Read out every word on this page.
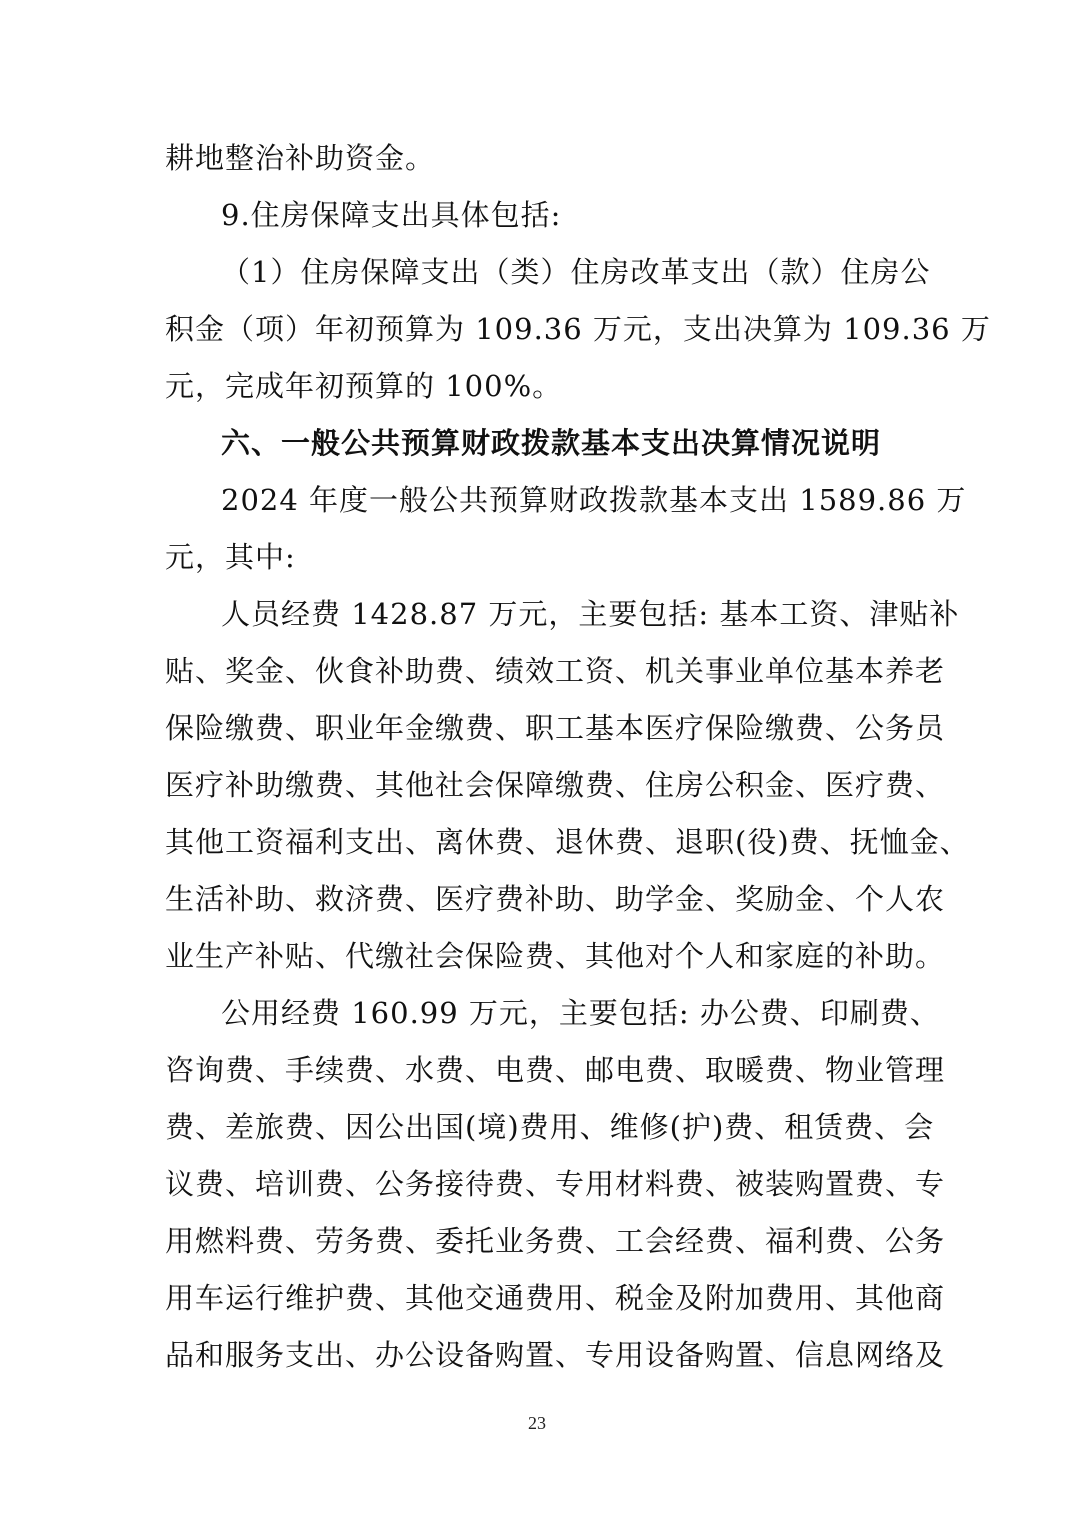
耕地整治补助资金。
9.住房保障支出具体包括:
（1）住房保障支出（类）住房改革支出（款）住房公
积金（项）年初预算为 109.36 万元，支出决算为 109.36 万
元，完成年初预算的 100%。
六、一般公共预算财政拨款基本支出决算情况说明
2024 年度一般公共预算财政拨款基本支出 1589.86 万
元，其中:
人员经费 1428.87 万元，主要包括: 基本工资、津贴补
贴、奖金、伙食补助费、绩效工资、机关事业单位基本养老
保险缴费、职业年金缴费、职工基本医疗保险缴费、公务员
医疗补助缴费、其他社会保障缴费、住房公积金、医疗费、
其他工资福利支出、离休费、退休费、退职(役)费、抚恤金、
生活补助、救济费、医疗费补助、助学金、奖励金、个人农
业生产补贴、代缴社会保险费、其他对个人和家庭的补助。
公用经费 160.99 万元，主要包括: 办公费、印刷费、
咨询费、手续费、水费、电费、邮电费、取暖费、物业管理
费、差旅费、因公出国(境)费用、维修(护)费、租赁费、会
议费、培训费、公务接待费、专用材料费、被装购置费、专
用燃料费、劳务费、委托业务费、工会经费、福利费、公务
用车运行维护费、其他交通费用、税金及附加费用、其他商
品和服务支出、办公设备购置、专用设备购置、信息网络及
23
